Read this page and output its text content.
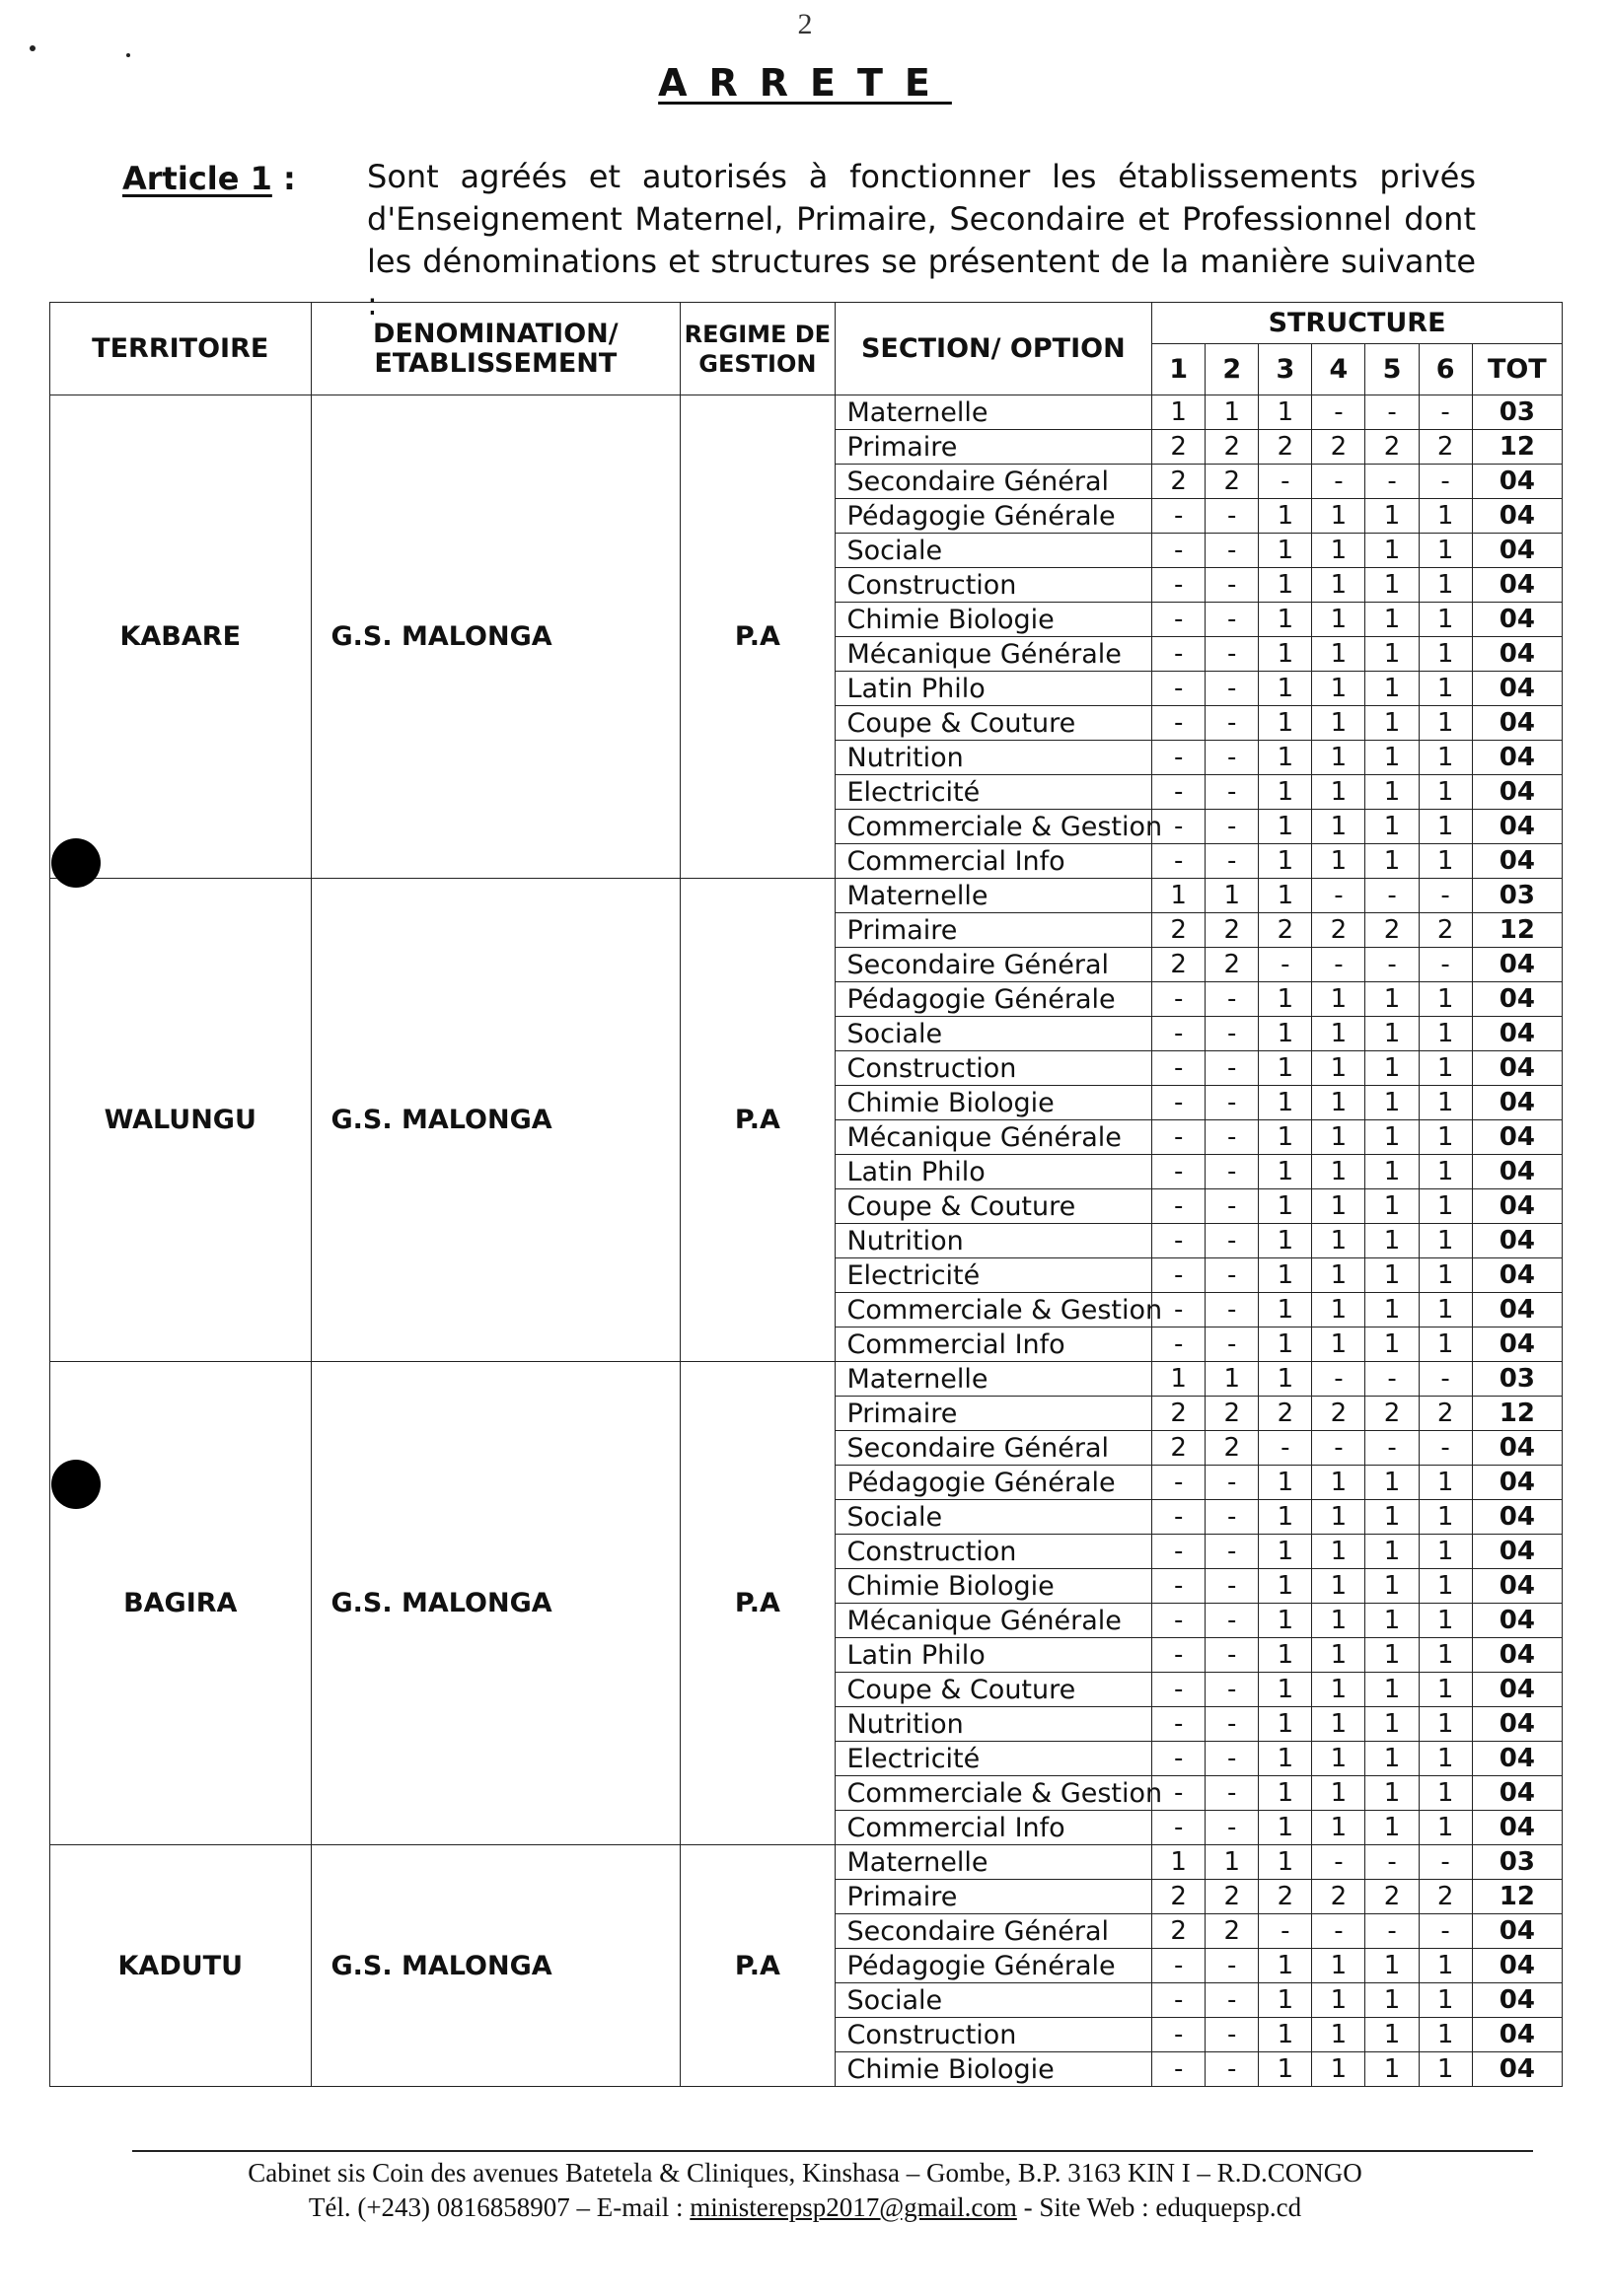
2
ARRETE
Article 1 : Sont agréés et autorisés à fonctionner les établissements privés d'Enseignement Maternel, Primaire, Secondaire et Professionnel dont les dénominations et structures se présentent de la manière suivante :
TERRITOIRE	DENOMINATION/ ETABLISSEMENT	REGIME DE GESTION	SECTION/ OPTION	STRUCTURE						
				1	2	3	4	5	6	TOT
KABARE	G.S. MALONGA	P.A	Maternelle	1	1	1	-	-	-	03
			Primaire	2	2	2	2	2	2	12
			Secondaire Général	2	2	-	-	-	-	04
			Pédagogie Générale	-	-	1	1	1	1	04
			Sociale	-	-	1	1	1	1	04
			Construction	-	-	1	1	1	1	04
			Chimie Biologie	-	-	1	1	1	1	04
			Mécanique Générale	-	-	1	1	1	1	04
			Latin Philo	-	-	1	1	1	1	04
			Coupe & Couture	-	-	1	1	1	1	04
			Nutrition	-	-	1	1	1	1	04
			Electricité	-	-	1	1	1	1	04
			Commerciale & Gestion	-	-	1	1	1	1	04
			Commercial Info	-	-	1	1	1	1	04
WALUNGU	G.S. MALONGA	P.A	Maternelle	1	1	1	-	-	-	03
			Primaire	2	2	2	2	2	2	12
			Secondaire Général	2	2	-	-	-	-	04
			Pédagogie Générale	-	-	1	1	1	1	04
			Sociale	-	-	1	1	1	1	04
			Construction	-	-	1	1	1	1	04
			Chimie Biologie	-	-	1	1	1	1	04
			Mécanique Générale	-	-	1	1	1	1	04
			Latin Philo	-	-	1	1	1	1	04
			Coupe & Couture	-	-	1	1	1	1	04
			Nutrition	-	-	1	1	1	1	04
			Electricité	-	-	1	1	1	1	04
			Commerciale & Gestion	-	-	1	1	1	1	04
			Commercial Info	-	-	1	1	1	1	04
BAGIRA	G.S. MALONGA	P.A	Maternelle	1	1	1	-	-	-	03
			Primaire	2	2	2	2	2	2	12
			Secondaire Général	2	2	-	-	-	-	04
			Pédagogie Générale	-	-	1	1	1	1	04
			Sociale	-	-	1	1	1	1	04
			Construction	-	-	1	1	1	1	04
			Chimie Biologie	-	-	1	1	1	1	04
			Mécanique Générale	-	-	1	1	1	1	04
			Latin Philo	-	-	1	1	1	1	04
			Coupe & Couture	-	-	1	1	1	1	04
			Nutrition	-	-	1	1	1	1	04
			Electricité	-	-	1	1	1	1	04
			Commerciale & Gestion	-	-	1	1	1	1	04
			Commercial Info	-	-	1	1	1	1	04
KADUTU	G.S. MALONGA	P.A	Maternelle	1	1	1	-	-	-	03
			Primaire	2	2	2	2	2	2	12
			Secondaire Général	2	2	-	-	-	-	04
			Pédagogie Générale	-	-	1	1	1	1	04
			Sociale	-	-	1	1	1	1	04
			Construction	-	-	1	1	1	1	04
			Chimie Biologie	-	-	1	1	1	1	04
Cabinet sis Coin des avenues Batetela & Cliniques, Kinshasa – Gombe, B.P. 3163 KIN I – R.D.CONGO
Tél. (+243) 0816858907 – E-mail : ministerepsp2017@gmail.com - Site Web : eduquepsp.cd
